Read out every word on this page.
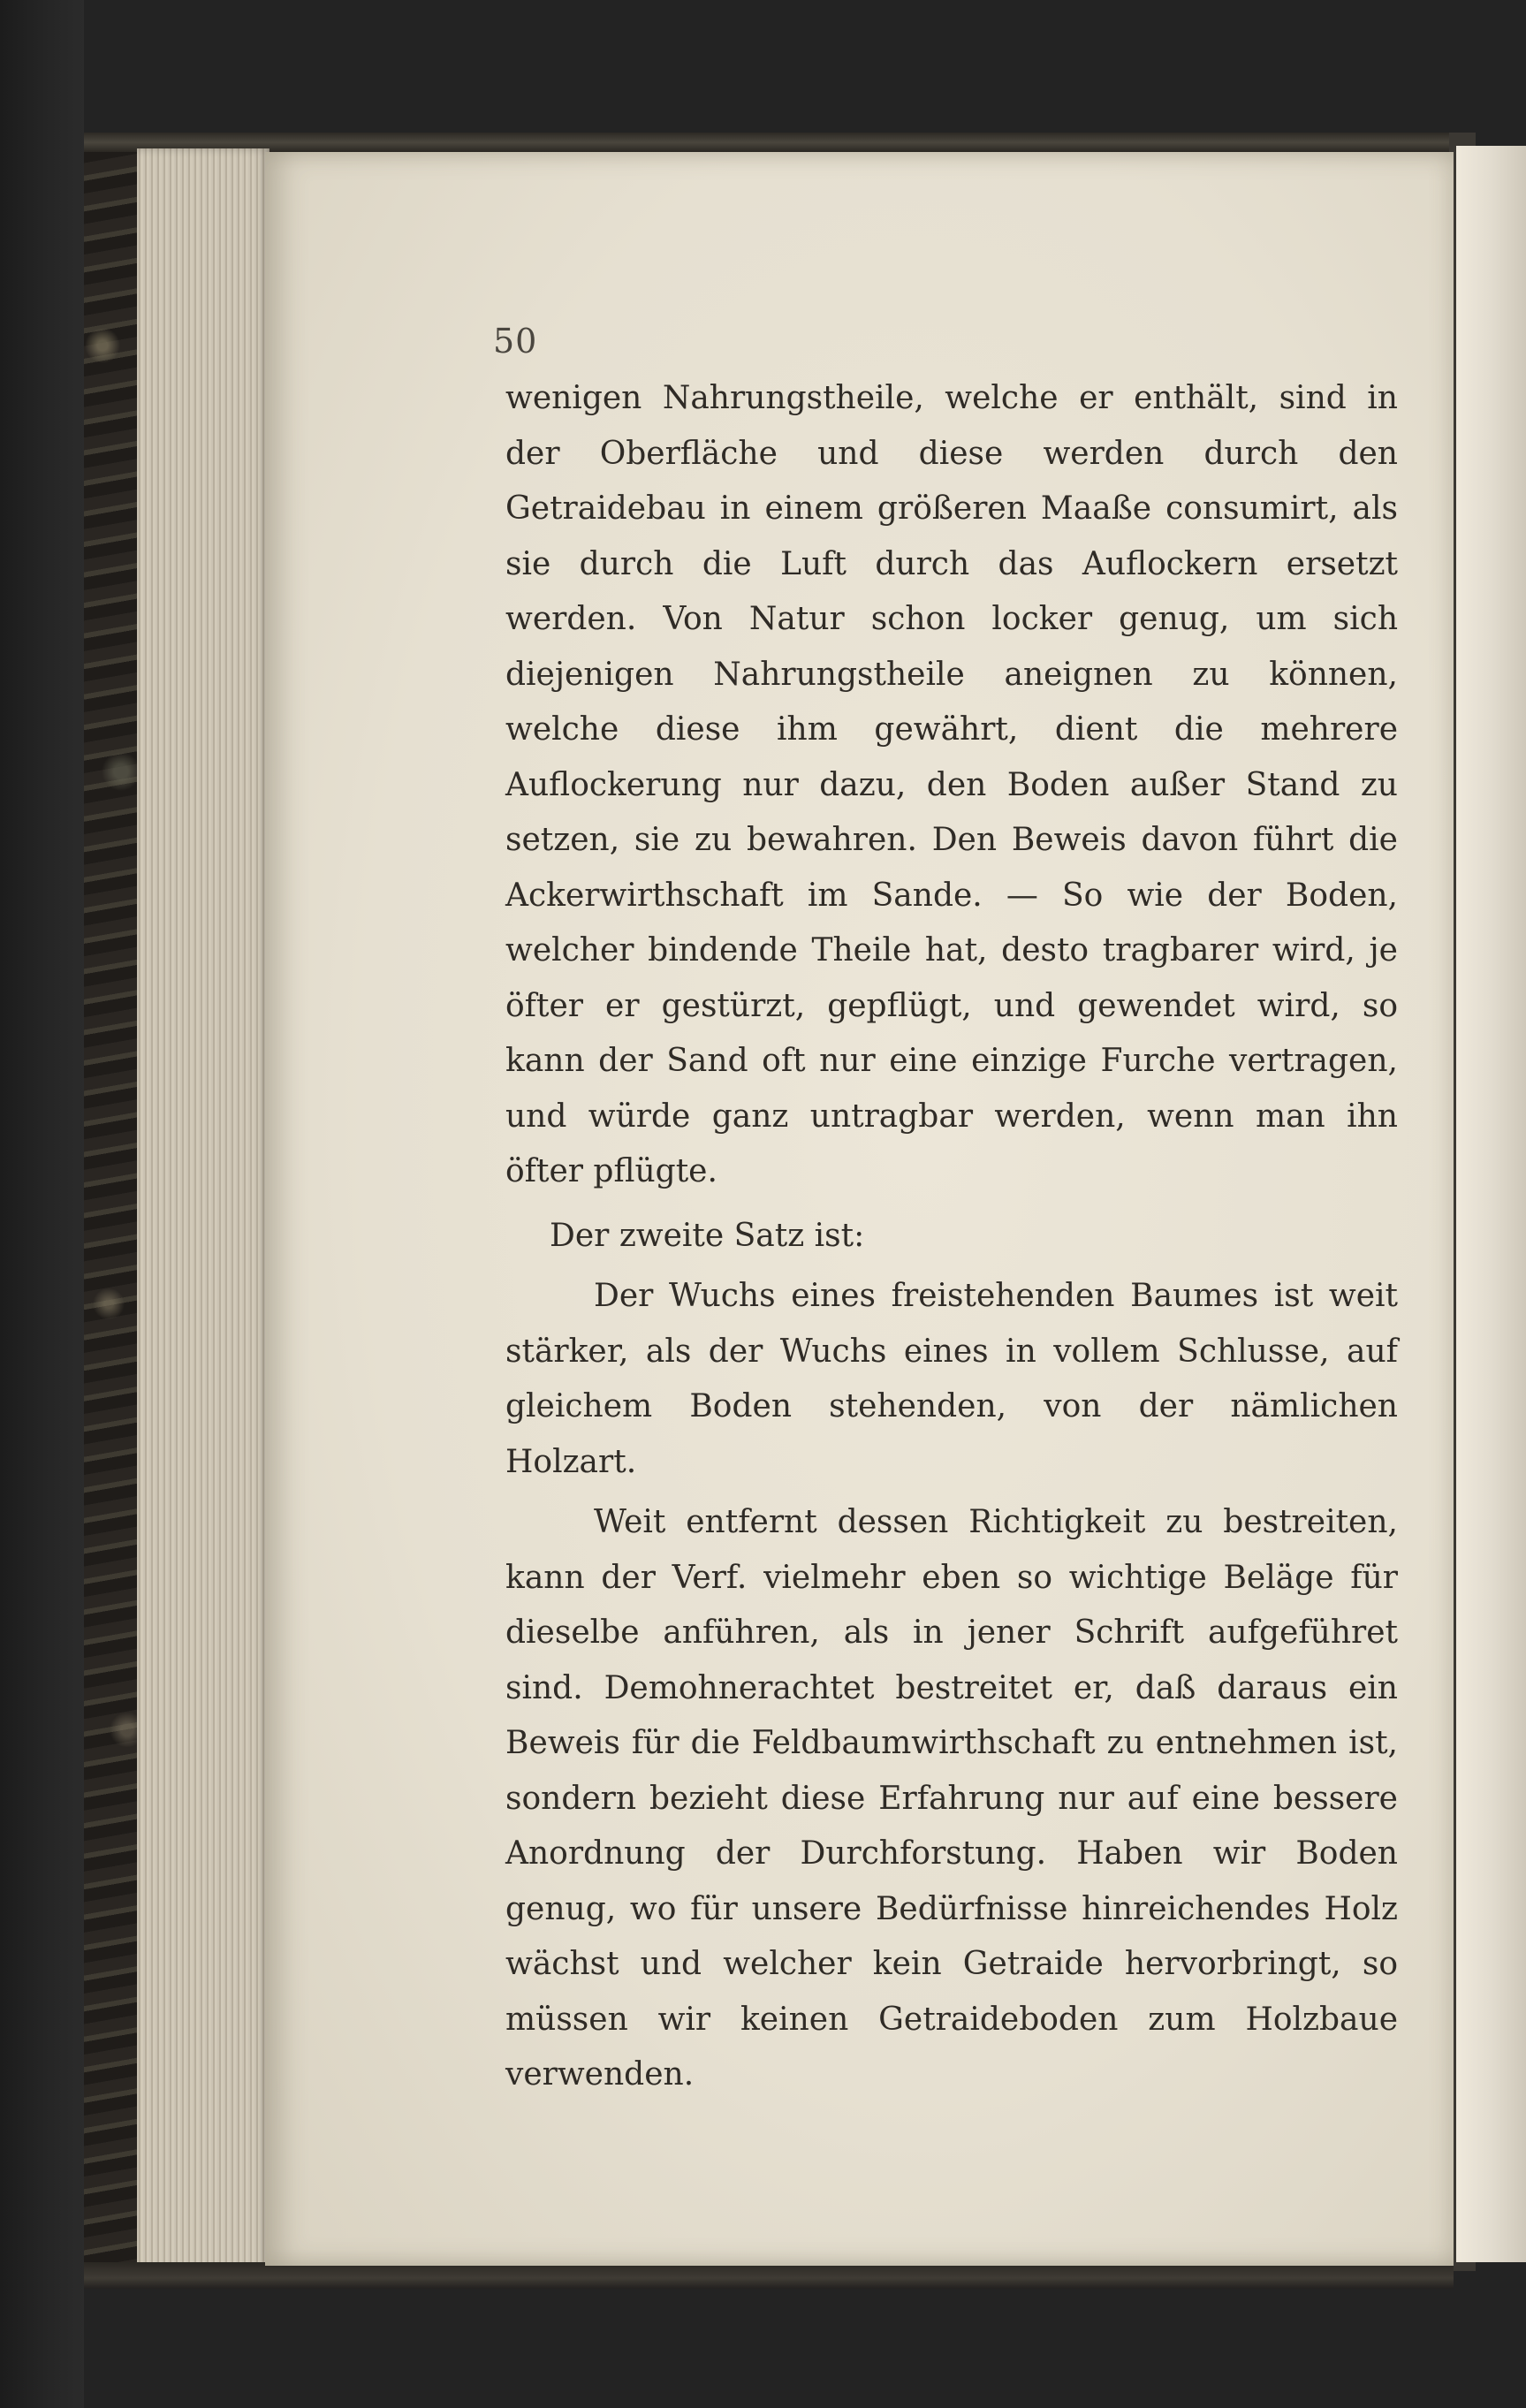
50

wenigen Nahrungstheile, welche er enthält, sind in der Oberfläche und diese werden durch den Getraidebau in einem größeren Maaße consumirt, als sie durch die Luft durch das Auflockern ersetzt werden. Von Natur schon locker genug, um sich diejenigen Nahrungstheile aneignen zu können, welche diese ihm gewährt, dient die mehrere Auflockerung nur dazu, den Boden außer Stand zu setzen, sie zu bewahren. Den Beweis davon führt die Ackerwirthschaft im Sande. — So wie der Boden, welcher bindende Theile hat, desto tragbarer wird, je öfter er gestürzt, gepflügt, und gewendet wird, so kann der Sand oft nur eine einzige Furche vertragen, und würde ganz untragbar werden, wenn man ihn öfter pflügte.

Der zweite Satz ist:

Der Wuchs eines freistehenden Baumes ist weit stärker, als der Wuchs eines in vollem Schlusse, auf gleichem Boden stehenden, von der nämlichen Holzart.

Weit entfernt dessen Richtigkeit zu bestreiten, kann der Verf. vielmehr eben so wichtige Beläge für dieselbe anführen, als in jener Schrift aufgeführet sind. Demohnerachtet bestreitet er, daß daraus ein Beweis für die Feldbaumwirthschaft zu entnehmen ist, sondern bezieht diese Erfahrung nur auf eine bessere Anordnung der Durchforstung. Haben wir Boden genug, wo für unsere Bedürfnisse hinreichendes Holz wächst und welcher kein Getraide hervorbringt, so müssen wir keinen Getraideboden zum Holzbaue verwenden.
